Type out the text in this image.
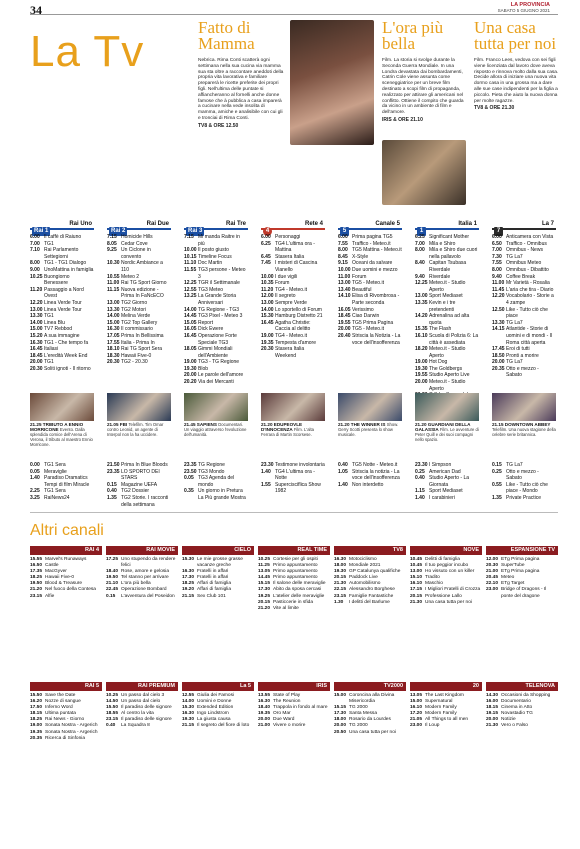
34	LA PROVINCIA
SABATO 5 GIUGNO 2021
La Tv	Fatto di Mamma

Nebrica. Rima Conti scatterà ogni settimana nella sua cucina via mamma sua sta oltre a raccontare aneddoti della propria vita lavorativa e familiare preparerà le ricette preferite dei propri figli. Nell'ultima delle puntate si affiancheranno al fornelli anche donne famose che à pubblica a casa imparerà a cucinare nella vede insolita di mamma, amiche e analisibile con cui gli e tronciai di Rima Conti.

TV8 & ORE 12.50

L'ora più bella

Film. La storia si svolge durante la Seconda Guerra Mondiale. In una Londra devastata dai bombardamenti, Catrin Cole viene assunta come sceneggiatrice per un breve film destinato a scopi film di propaganda, realizzato per attirare gli americani nel conflitto. Ottiene il compito che guarda da vicino in un ambiente di film e dell'amore.

IRIS & ORE 21.10

Una casa tutta per noi

Film. Franco Lees, vedova con sei figli viene licenziata dal lavoro dove aveva risposto e rinnova molto dalla sua casa. Decide allora di iniziare una nuova vita dormo casa in una grossa ma a dare alle sue case indipendenti per la figlia a piccolo. Pieta che aiuto la nuova donna per molte ragazze.

TV8 & ORE 21.30

Rai 1
Rai Uno
Rai 2
Rai Due
Rai 3
Rai Tre
4
Rete 4
5
Canale 5
1
Italia 1
7
La 7
6.00 Il caffè di Raiuno
7.00 TG1
7.10 Rai Parlamento Settegiorni
8.00 TG1 - TG1 Dialogo
9.00 UnoMattina in famiglia
10.25 Buongiorno Benessere
11.20 Passaggio a Nord Ovest
12.20 Linea Verde Tour
13.00 Linea Verde Tour
13.30 TG1
14.00 Linea Blu
15.00 TV7 Rebbod
15.20 A sua immagine
16.30 TG1 - Che tempo fa
16.45 Italiasi
18.45 L'eredità Week End
20.00 TG1
20.30 Soliti ignoti - Il ritorno
21.25 TRIBUTO A ENNIO MORRICONE Evento. Dalla splendida cornice dell'Arena di Verona, il tributo al maestro Ennio Morricone.
0.00 TG1 Sera
0.05 Meraviglie
1.40 Paradiso Dramatics
Tempi di film Miracle
2.25 TG1 Sera
3.25 RaiNews24
7.15 Homicide Hills
8.05 Cedar Cove
9.25 Un Ciclone in convento
10.30 Nordic Ambiance a 110
10.55 Meteo 2
11.00 Rai TG Sport Giorno
11.15 Nuova edizione - Prima In FaNcECO
13.00 TG2 Giorno
13.30 TG2 Motori
14.00 Melina Verde
15.00 TG2 Top Gallery
16.30 Il commissario
17.05 Prima In Bellissima
17.55 Italia - Prima In
18.10 Rai TG Sport Sera
18.30 Hawaii Five-0
20.30 TG2 - 20.30
21.05 FBI Telefilm. Tim Omar contro Leonid, un agente di Interpol non la ha uccidere.
21.50 Prima In Blue Bloods
23.35 LO SPORTO DEI STARS
0.15 Magazine UEFA
0.40 TG2 Dossier
1.35 TG2 Storie. I racconti della settimana
7.15 Mi manda Raitre in più
10.00 Il posto giusto
10.15 Timeline Focus
11.10 Doc Martin
11.55 TG3 persone - Meteo 3
12.25 TGR il Settimanale
12.55 TG3 Meteo
13.25 La Grande Storia Anniversari
14.00 TG Regione - TG3
14.45 TG3 Pixel - Meteo 3
15.05 Report
16.05 Dick Ewere
16.45 Operazione Forte Speciale TG3
18.05 Gimmi Mondiali dell'Ambiente
19.00 TG3 - TG Regione
19.30 Blob
20.00 Le parole dell'amore
20.20 Via dei Mercanti
21.45 SAPIENS Documentari. Un viaggio attraverso l'evoluzione dell'umanità.
23.35 TG Regione
23.50 TG3 Mondo
0.05 TG3 Agenda del mondo
0.35 Un giorno in Pretura
La Più grande Mostra
6.00 Personaggi
6.25 TG4 L'ultima ora - Mattina
6.45 Stasera Italia
7.45 I misteri di Cascina Vianello
10.00 I due vigili
10.35 Forum
11.20 TG4 - Meteo.it
12.00 Il segreto
13.00 Sempre Verde
14.00 Lo sportello di Forum
15.30 Hamburg Distretto 21
16.45 Agatha Christie: Caccia al delitto
19.00 TG4 - Meteo.it
19.35 Tempesta d'amore
20.30 Stasera Italia Weekend
21.20 EDUPEOVLE D'INNOCENZA Film. L'alta Ferrara di Martin Scorsese.
23.30 Testimone involontaria
1.40 TG4 L'ultima ora - Notte
1.55 Supercisciflica Show 1982
6.00 Prima pagina TG5
7.55 Traffico - Meteo.it
8.00 TG5 Mattina - Meteo.it
8.45 X-Style
9.15 Oceani da salvare
10.00 Due uomini e mezzo
11.00 Forum
13.00 TG5 - Meteo.it
13.40 Beautiful
14.10 Elisa di Rivombrosa - Parte seconda
16.05 Verissimo
18.45 Ciao Darwin
19.55 TG5 Prima Pagina
20.00 TG5 - Meteo.it
20.40 Striscia la Notizia - La voce dell'insofferenza
21.20 THE WINNER IS Show. Gerry Scotti presenta lo show musicale.
0.40 TG5 Notte - Meteo.it
1.05 Striscia la notizia - La voce dell'insofferenza
1.40 Non interdetto
6.25 Significant Mother
7.00 Mila e Shiro
8.00 Mila e Shiro due cuori nella pallavolo
8.40 Capitan Tsubasa Riverdale
9.40 Riverdale
12.25 Meteo.it - Studio Aperto
13.00 Sport Mediaset
13.35 Kevin e i tre pretendenti
14.20 Adrenalina ad alta quota
15.35 The Flash
16.10 Scuola di Polizia 6: La città è assediata
18.20 Meteo.it - Studio Aperto
19.00 Hot Dog
19.30 The Goldbergs
19.55 Studio Aperto Live
20.00 Meteo.it - Studio Aperto
21.20 GUARDIANI DELLA GALASSIA Film. Le avventure di Peter Quill e dei suoi compagni nello spazio.
23.30 I Simpson
0.25 American Dad
0.40 Studio Aperto - La Giornata
1.15 Sport Mediaset
1.40 I carabinieri
6.00 Anticamera con Vista
6.50 Traffico - Omnibus
7.00 Omnibus - News
7.30 TG La7
7.55 Omnibus Meteo
8.00 Omnibus - Dibattito
9.40 Coffee Break
11.00 Mr Varietà - Rosalia
11.45 L'aria che tira - Diario
12.20 Vocabolario - Storie a 4 zampe
12.50 Like - Tutto ciò che piace
13.30 TG La7
14.15 Atlantide - Storie di uomini e di mondi - Il Roma città aperta
17.45 Eroi di tutti
18.50 Pronti a morire
20.00 TG La7
20.35 Otto e mezzo - Sabato
21.15 DOWNTOWN ABBEY Telefilm. Una nuova stagione della celebre serie britannica.
0.15 TG La7
0.25 Otto e mezzo - Sabato
0.55 Like - Tutto ciò che piace - Mondo
1.35 Private Practice
Altri canali
RAI 4
15.55 Marvel's Runaways
16.50 Castle
17.35 MacGyver
18.25 Hawaii Five-0
19.50 Blood & Treasure
21.20 Nel fuoco della Contesa
23.15 Alfie
RAI MOVIE
17.25 Uno stupendo da rendere felici
18.40 Rose, amore e gelosia
19.50 Tel stanno per arrivare
21.10 L'ora più bella
22.45 Operazione Bombard
0.15	L'avventura del Poseidon
CIELO
15.30 Le mie grosse grasse vacanze greche
16.30 Fratelli in affari
17.30 Fratelli in affari
18.25 Affari di famiglia
19.20 Affari di famiglia
21.15 Sex Club 101
REAL TIME
10.25 Cortesie per gli ospiti
11.25 Primo appuntamento
13.05 Primo appuntamento
14.45 Primo appuntamento
15.15 Il salone delle meraviglie
17.30 Abito da sposa cercasi
19.25 L'atelier delle meraviglie
20.15 Pasticcerie in sfida
21.20 Vite al limite
TV8
16.30 Motociclismo
18.00 Mondiale 2021
19.30 GP Catalunya qualifiche
20.15 Paddock Live
21.30 Automobilismo
22.15 Alessandro Borghese
23.15 Famiglie Fantastiche
1.30	I delitti del Barlume
NOVE
10.45 Delitti di famiglia
10.45 Il tuo peggior incubo
13.00 Ho vissuto con un killer
15.10 Tradito
16.10 Maschio
17.15 I Migliori Fratelli di Crozza
20.15 Professione Lallo
21.30 Una casa tutta per noi
ESPANSIONE TV
12.00 ETg Prima pagina
20.30 SuperTube
21.00 ETg Prima pagina
20.45 Meteo
22.10 ETg Target
23.00 Bridge of Dragons - Il ponte del dragone
RAI 5
15.50 Save the Date
16.20 Nozze di sangue
17.50 Inferno Word
18.15 Ultima puntata
18.25 Rai News - Giorno
19.00 Sonata Nostra - Argerich
19.35 Sonata Nostra - Argerich
20.35 Ricerca di Sinfonia
RAI PREMIUM
10.25 Un passo dal cielo 3
14.50 Un passo dal cielo
15.50 Il paradiso delle signore
18.55 Al centro la vita
23.15 Il paradiso delle signore
0.40	La Squadra 8
La 5
12.55 Giulia dei Famosi
14.00 Uomini e Donne
15.30 Extended Edition
16.30 Ingo Lindstrom
19.30 La giusta causa
21.15 Il segreto del fiore di loto
IRIS
13.55 State of Play
16.30 The Reunion
18.40 Trappola in fondo al mare
19.35 Oro Mar
20.00 Due Ward
21.00 Vivere o morire
TV2000
15.00 Coroncina alla Divina Misericordia
15.15 TG 2000
17.30 Santa Messa
18.00 Rosario da Lourdes
20.00 TG 2000
20.50 Una casa tutta per noi
20
13.05 The Last Kingdom
15.00 Supernatural
16.10 Modern Family
17.20 Modern Family
21.05 All Things to all men
23.00 Il Loup
TELENOVA
14.30 Occasioni da Shopping
16.00 Documentario
18.15 Cinema in Atto
19.15 Novastadio TG
20.00 Notizie
21.30 Vero o Falso
